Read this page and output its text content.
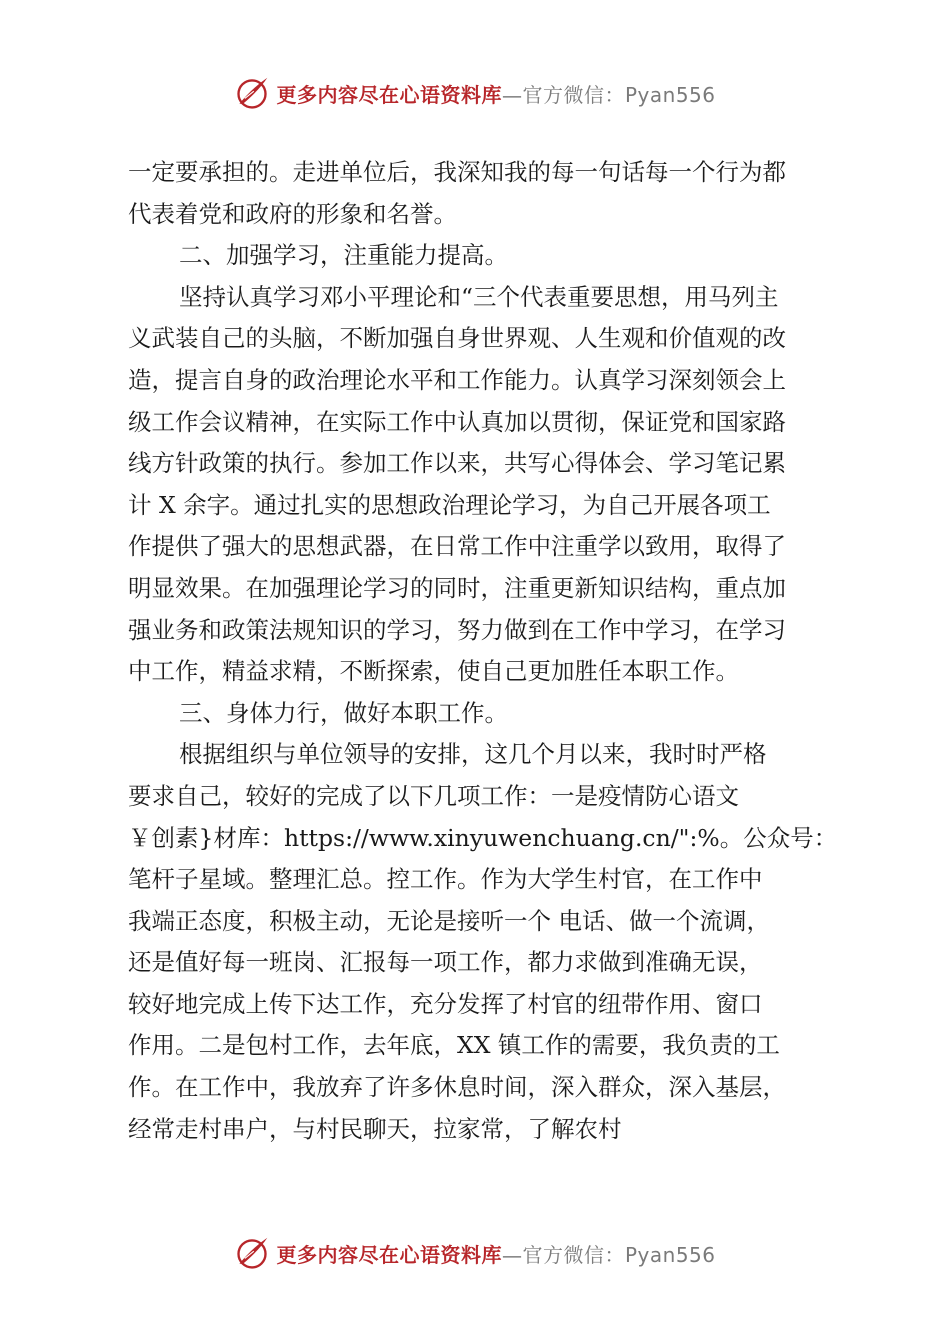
更多内容尽在心语资料库—官方微信：Pyan556
一定要承担的。走进单位后，我深知我的每一句话每一个行为都
代表着党和政府的形象和名誉。
二、加强学习，注重能力提高。
坚持认真学习邓小平理论和“三个代表重要思想，用马列主
义武装自己的头脑，不断加强自身世界观、人生观和价值观的改
造，提言自身的政治理论水平和工作能力。认真学习深刻领会上
级工作会议精神，在实际工作中认真加以贯彻，保证党和国家路
线方针政策的执行。参加工作以来，共写心得体会、学习笔记累
计 X 余字。通过扎实的思想政治理论学习，为自己开展各项工
作提供了强大的思想武器，在日常工作中注重学以致用，取得了
明显效果。在加强理论学习的同时，注重更新知识结构，重点加
强业务和政策法规知识的学习，努力做到在工作中学习，在学习
中工作，精益求精，不断探索，使自己更加胜任本职工作。
三、身体力行，做好本职工作。
根据组织与单位领导的安排，这几个月以来，我时时严格
要求自己，较好的完成了以下几项工作：一是疫情防心语文
￥创素}材库：https://www.xinyuwenchuang.cn/":%。公众号：
笔杆子星域。整理汇总。控工作。作为大学生村官，在工作中
我端正态度，积极主动，无论是接听一个 电话、做一个流调，
还是值好每一班岗、汇报每一项工作，都力求做到准确无误，
较好地完成上传下达工作，充分发挥了村官的纽带作用、窗口
作用。二是包村工作，去年底，XX 镇工作的需要，我负责的工
作。在工作中，我放弃了许多休息时间，深入群众，深入基层，
经常走村串户，与村民聊天，拉家常，了解农村
更多内容尽在心语资料库—官方微信：Pyan556
